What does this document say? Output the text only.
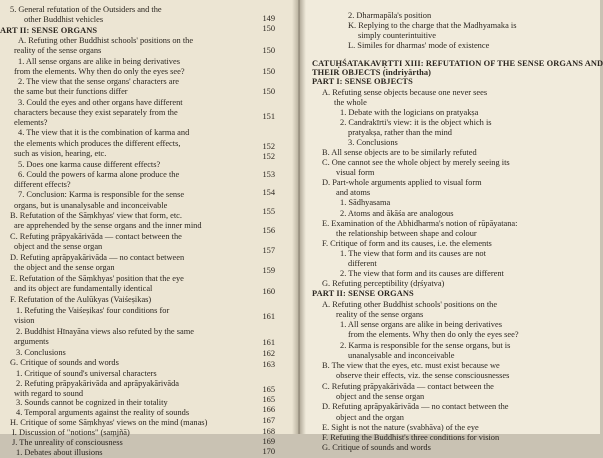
5. General refutation of the Outsiders and the
other Buddhist vehicles
ART II: SENSE ORGANS
A. Refuting other Buddhist schools' positions on the
reality of the sense organs
1. All sense organs are alike in being derivatives
from the elements. Why then do only the eyes see?
2. The view that the sense organs' characters are
the same but their functions differ
3. Could the eyes and other organs have different
characters because they exist separately from the
elements?
4. The view that it is the combination of karma and
the elements which produces the different effects,
such as vision, hearing, etc.
5. Does one karma cause different effects?
6. Could the powers of karma alone produce the
different effects?
7. Conclusion: Karma is responsible for the sense
organs, but is unanalysable and inconceivable
B. Refutation of the Sāṃkhyas' view that form, etc.
are apprehended by the sense organs and the inner mind
C. Refuting prāpyakārivāda — contact between the
object and the sense organ
D. Refuting aprāpyakārivāda — no contact between
the object and the sense organ
E. Refutation of the Sāṃkhyas' position that the eye
and its object are fundamentally identical
F. Refutation of the Aulūkyas (Vaiśeṣikas)
1. Refuting the Vaiśeṣikas' four conditions for
vision
2. Buddhist Hīnayāna views also refuted by the same
arguments
3. Conclusions
G. Critique of sounds and words
1. Critique of sound's universal characters
2. Refuting prāpyakārivāda and aprāpyakārivāda
with regard to sound
3. Sounds cannot be cognized in their totality
4. Temporal arguments against the reality of sounds
H. Critique of some Sāṃkhyas' views on the mind (manas)
I. Discussion of "notions" (saṃjñā)
J. The unreality of consciousness
1. Debates about illusions
149
150
150
150
150
151
152
152
153
154
155
156
157
159
160
161
161
162
163
165
165
166
167
168
169
170
2. Dharmapāla's position
K. Replying to the charge that the Madhyamaka is
simply counterintuitive
L. Similes for dharmas' mode of existence
CATUḤŚATAKAVṚTTI XIII: REFUTATION OF THE SENSE ORGANS AND
THEIR OBJECTS (indriyārtha)
PART I: SENSE OBJECTS
A. Refuting sense objects because one never sees
the whole
1. Debate with the logicians on pratyakṣa
2. Candrakīrti's view: it is the object which is
pratyakṣa, rather than the mind
3. Conclusions
B. All sense objects are to be similarly refuted
C. One cannot see the whole object by merely seeing its
visual form
D. Part-whole arguments applied to visual form
and atoms
1. Sādhyasama
2. Atoms and ākāśa are analogous
E. Examination of the Abhidharma's notion of rūpāyatana:
the relationship between shape and colour
F. Critique of form and its causes, i.e. the elements
1. The view that form and its causes are not
different
2. The view that form and its causes are different
G. Refuting perceptibility (dṛśyatva)
PART II: SENSE ORGANS
A. Refuting other Buddhist schools' positions on the
reality of the sense organs
1. All sense organs are alike in being derivatives
from the elements. Why then do only the eyes see?
2. Karma is responsible for the sense organs, but is
unanalysable and inconceivable
B. The view that the eyes, etc. must exist because we
observe their effects, viz. the sense consciousnesses
C. Refuting prāpyakārivāda — contact between the
object and the sense organ
D. Refuting aprāpyakārivāda — no contact between the
object and the organ
E. Sight is not the nature (svabhāva) of the eye
F. Refuting the Buddhist's three conditions for vision
G. Critique of sounds and words
